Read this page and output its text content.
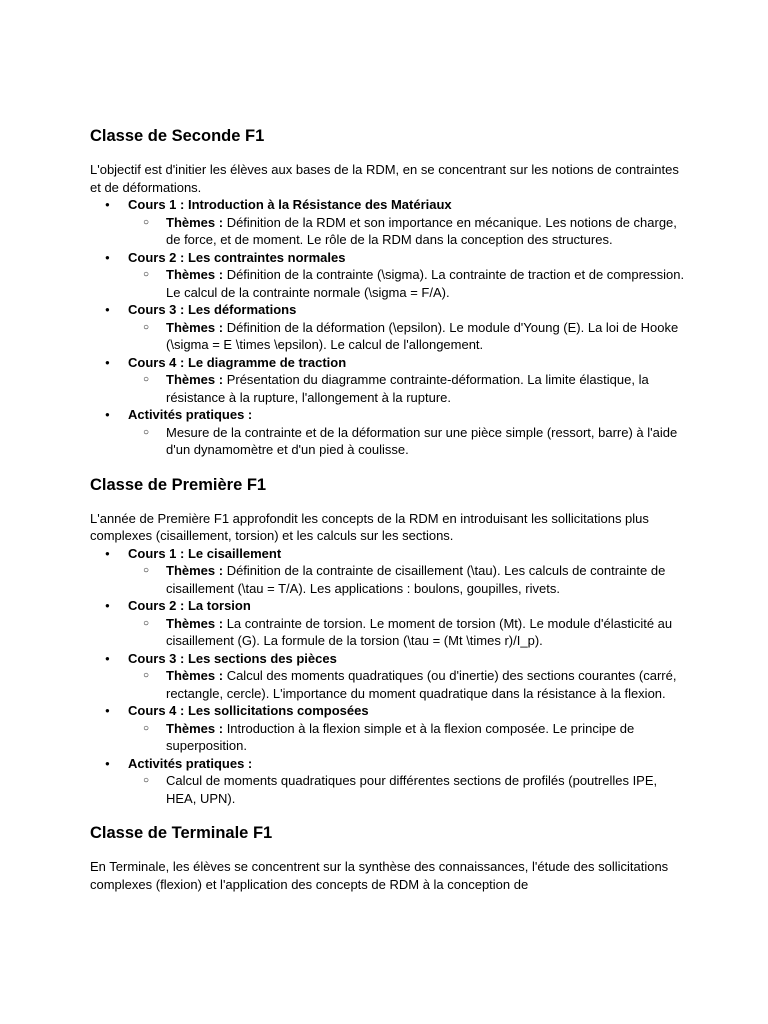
Classe de Seconde F1

L'objectif est d'initier les élèves aux bases de la RDM, en se concentrant sur les notions de contraintes et de déformations.

● Cours 1 : Introduction à la Résistance des Matériaux
○ Thèmes : Définition de la RDM et son importance en mécanique. Les notions de charge, de force, et de moment. Le rôle de la RDM dans la conception des structures.
● Cours 2 : Les contraintes normales
○ Thèmes : Définition de la contrainte (\sigma). La contrainte de traction et de compression. Le calcul de la contrainte normale (\sigma = F/A).
● Cours 3 : Les déformations
○ Thèmes : Définition de la déformation (\epsilon). Le module d'Young (E). La loi de Hooke (\sigma = E \times \epsilon). Le calcul de l'allongement.
● Cours 4 : Le diagramme de traction
○ Thèmes : Présentation du diagramme contrainte-déformation. La limite élastique, la résistance à la rupture, l'allongement à la rupture.
● Activités pratiques :
○ Mesure de la contrainte et de la déformation sur une pièce simple (ressort, barre) à l'aide d'un dynamomètre et d'un pied à coulisse.
Classe de Première F1

L'année de Première F1 approfondit les concepts de la RDM en introduisant les sollicitations plus complexes (cisaillement, torsion) et les calculs sur les sections.

● Cours 1 : Le cisaillement
○ Thèmes : Définition de la contrainte de cisaillement (\tau). Les calculs de contrainte de cisaillement (\tau = T/A). Les applications : boulons, goupilles, rivets.
● Cours 2 : La torsion
○ Thèmes : La contrainte de torsion. Le moment de torsion (Mt). Le module d'élasticité au cisaillement (G). La formule de la torsion (\tau = (Mt \times r)/I_p).
● Cours 3 : Les sections des pièces
○ Thèmes : Calcul des moments quadratiques (ou d'inertie) des sections courantes (carré, rectangle, cercle). L'importance du moment quadratique dans la résistance à la flexion.
● Cours 4 : Les sollicitations composées
○ Thèmes : Introduction à la flexion simple et à la flexion composée. Le principe de superposition.
● Activités pratiques :
○ Calcul de moments quadratiques pour différentes sections de profilés (poutrelles IPE, HEA, UPN).
Classe de Terminale F1

En Terminale, les élèves se concentrent sur la synthèse des connaissances, l'étude des sollicitations complexes (flexion) et l'application des concepts de RDM à la conception de
